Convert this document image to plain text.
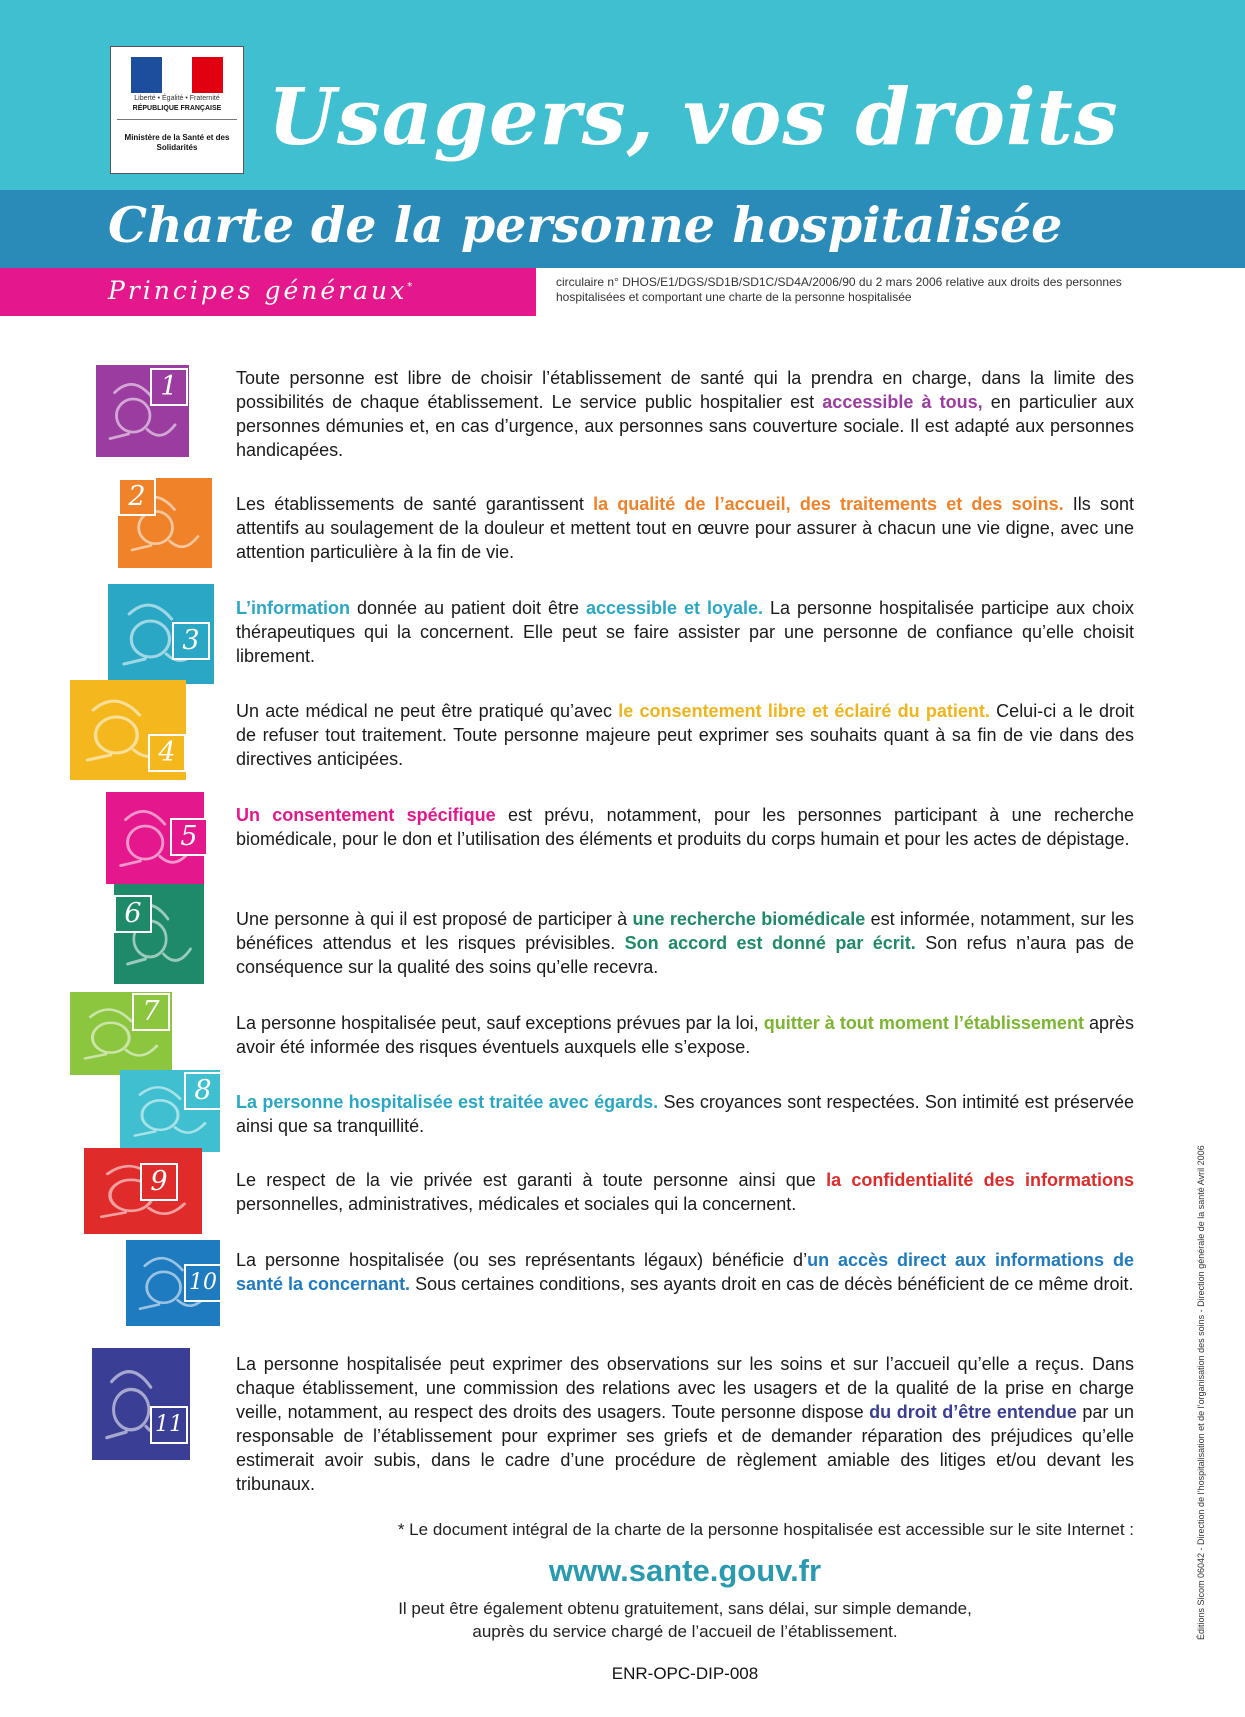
Liberté • Égalité • Fraternité
RÉPUBLIQUE FRANÇAISE
Ministère de la Santé et des Solidarités Usagers, vos droits
Charte de la personne hospitalisée
Principes généraux*	circulaire n° DHOS/E1/DGS/SD1B/SD1C/SD4A/2006/90 du 2 mars 2006 relative aux droits des personnes hospitalisées et comportant une charte de la personne hospitalisée
1
2
3
4
5
6
7
8
9
10
11
Toute personne est libre de choisir l’établissement de santé qui la prendra en charge, dans la limite des possibilités de chaque établissement. Le service public hospitalier est accessible à tous, en particulier aux personnes démunies et, en cas d’urgence, aux personnes sans couverture sociale. Il est adapté aux personnes handicapées.
Les établissements de santé garantissent la qualité de l’accueil, des traitements et des soins. Ils sont attentifs au soulagement de la douleur et mettent tout en œuvre pour assurer à chacun une vie digne, avec une attention particulière à la fin de vie.
L’information donnée au patient doit être accessible et loyale. La personne hospitalisée participe aux choix thérapeutiques qui la concernent. Elle peut se faire assister par une personne de confiance qu’elle choisit librement.
Un acte médical ne peut être pratiqué qu’avec le consentement libre et éclairé du patient. Celui-ci a le droit de refuser tout traitement. Toute personne majeure peut exprimer ses souhaits quant à sa fin de vie dans des directives anticipées.
Un consentement spécifique est prévu, notamment, pour les personnes participant à une recherche biomédicale, pour le don et l’utilisation des éléments et produits du corps humain et pour les actes de dépistage.
Une personne à qui il est proposé de participer à une recherche biomédicale est informée, notamment, sur les bénéfices attendus et les risques prévisibles. Son accord est donné par écrit. Son refus n’aura pas de conséquence sur la qualité des soins qu’elle recevra.
La personne hospitalisée peut, sauf exceptions prévues par la loi, quitter à tout moment l’établissement après avoir été informée des risques éventuels auxquels elle s’expose.
La personne hospitalisée est traitée avec égards. Ses croyances sont respectées. Son intimité est préservée ainsi que sa tranquillité.
Le respect de la vie privée est garanti à toute personne ainsi que la confidentialité des informations personnelles, administratives, médicales et sociales qui la concernent.
La personne hospitalisée (ou ses représentants légaux) bénéficie d’un accès direct aux informations de santé la concernant. Sous certaines conditions, ses ayants droit en cas de décès bénéficient de ce même droit.
La personne hospitalisée peut exprimer des observations sur les soins et sur l’accueil qu’elle a reçus. Dans chaque établissement, une commission des relations avec les usagers et de la qualité de la prise en charge veille, notamment, au respect des droits des usagers. Toute personne dispose du droit d’être entendue par un responsable de l’établissement pour exprimer ses griefs et de demander réparation des préjudices qu’elle estimerait avoir subis, dans le cadre d’une procédure de règlement amiable des litiges et/ou devant les tribunaux.
* Le document intégral de la charte de la personne hospitalisée est accessible sur le site Internet :
www.sante.gouv.fr
Il peut être également obtenu gratuitement, sans délai, sur simple demande,
auprès du service chargé de l’accueil de l’établissement.
ENR-OPC-DIP-008
Éditions Sicom 06042 - Direction de l’hospitalisation et de l’organisation des soins - Direction générale de la santé Avril 2006
